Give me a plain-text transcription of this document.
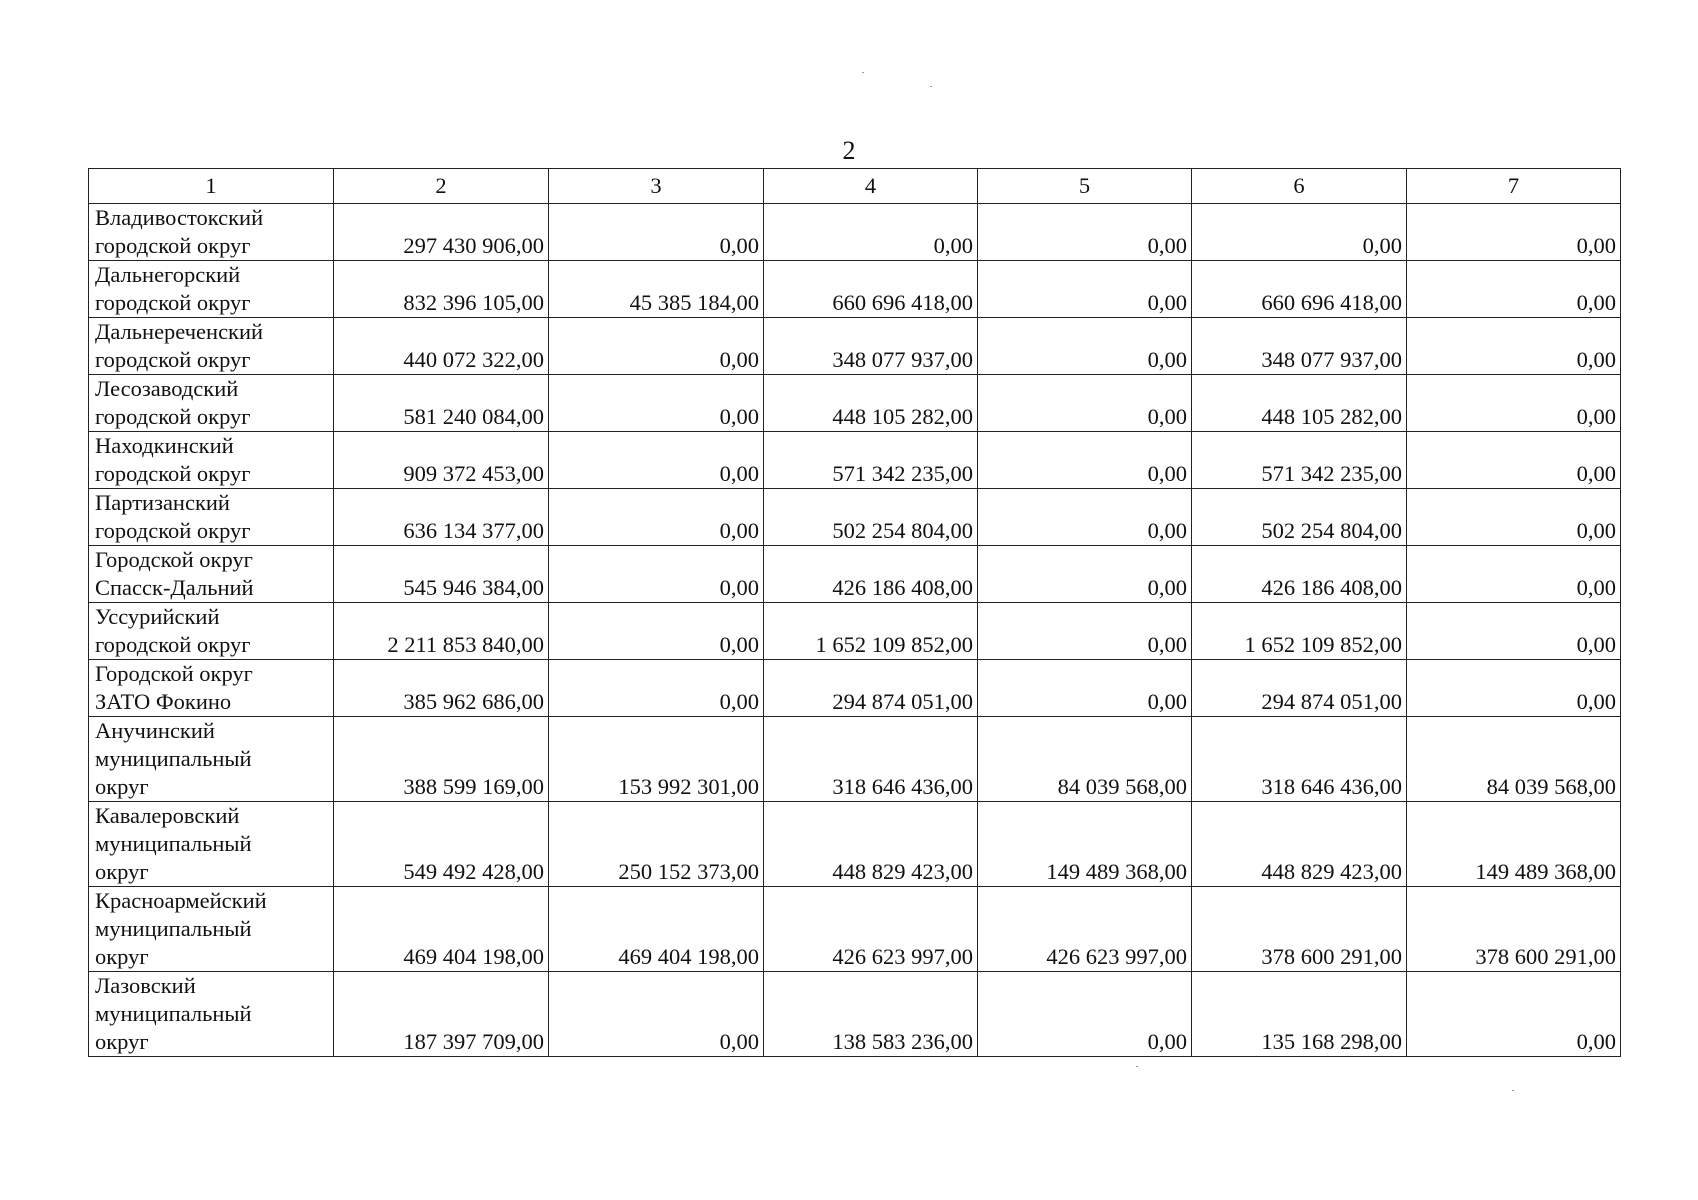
2
1	2	3	4	5	6	7
Владивостокский
городской округ	297 430 906,00	0,00	0,00	0,00	0,00	0,00
Дальнегорский
городской округ	832 396 105,00	45 385 184,00	660 696 418,00	0,00	660 696 418,00	0,00
Дальнереченский
городской округ	440 072 322,00	0,00	348 077 937,00	0,00	348 077 937,00	0,00
Лесозаводский
городской округ	581 240 084,00	0,00	448 105 282,00	0,00	448 105 282,00	0,00
Находкинский
городской округ	909 372 453,00	0,00	571 342 235,00	0,00	571 342 235,00	0,00
Партизанский
городской округ	636 134 377,00	0,00	502 254 804,00	0,00	502 254 804,00	0,00
Городской округ
Спасск-Дальний	545 946 384,00	0,00	426 186 408,00	0,00	426 186 408,00	0,00
Уссурийский
городской округ	2 211 853 840,00	0,00	1 652 109 852,00	0,00	1 652 109 852,00	0,00
Городской округ
ЗАТО Фокино	385 962 686,00	0,00	294 874 051,00	0,00	294 874 051,00	0,00
Анучинский
муниципальный
округ	388 599 169,00	153 992 301,00	318 646 436,00	84 039 568,00	318 646 436,00	84 039 568,00
Кавалеровский
муниципальный
округ	549 492 428,00	250 152 373,00	448 829 423,00	149 489 368,00	448 829 423,00	149 489 368,00
Красноармейский
муниципальный
округ	469 404 198,00	469 404 198,00	426 623 997,00	426 623 997,00	378 600 291,00	378 600 291,00
Лазовский
муниципальный
округ	187 397 709,00	0,00	138 583 236,00	0,00	135 168 298,00	0,00
